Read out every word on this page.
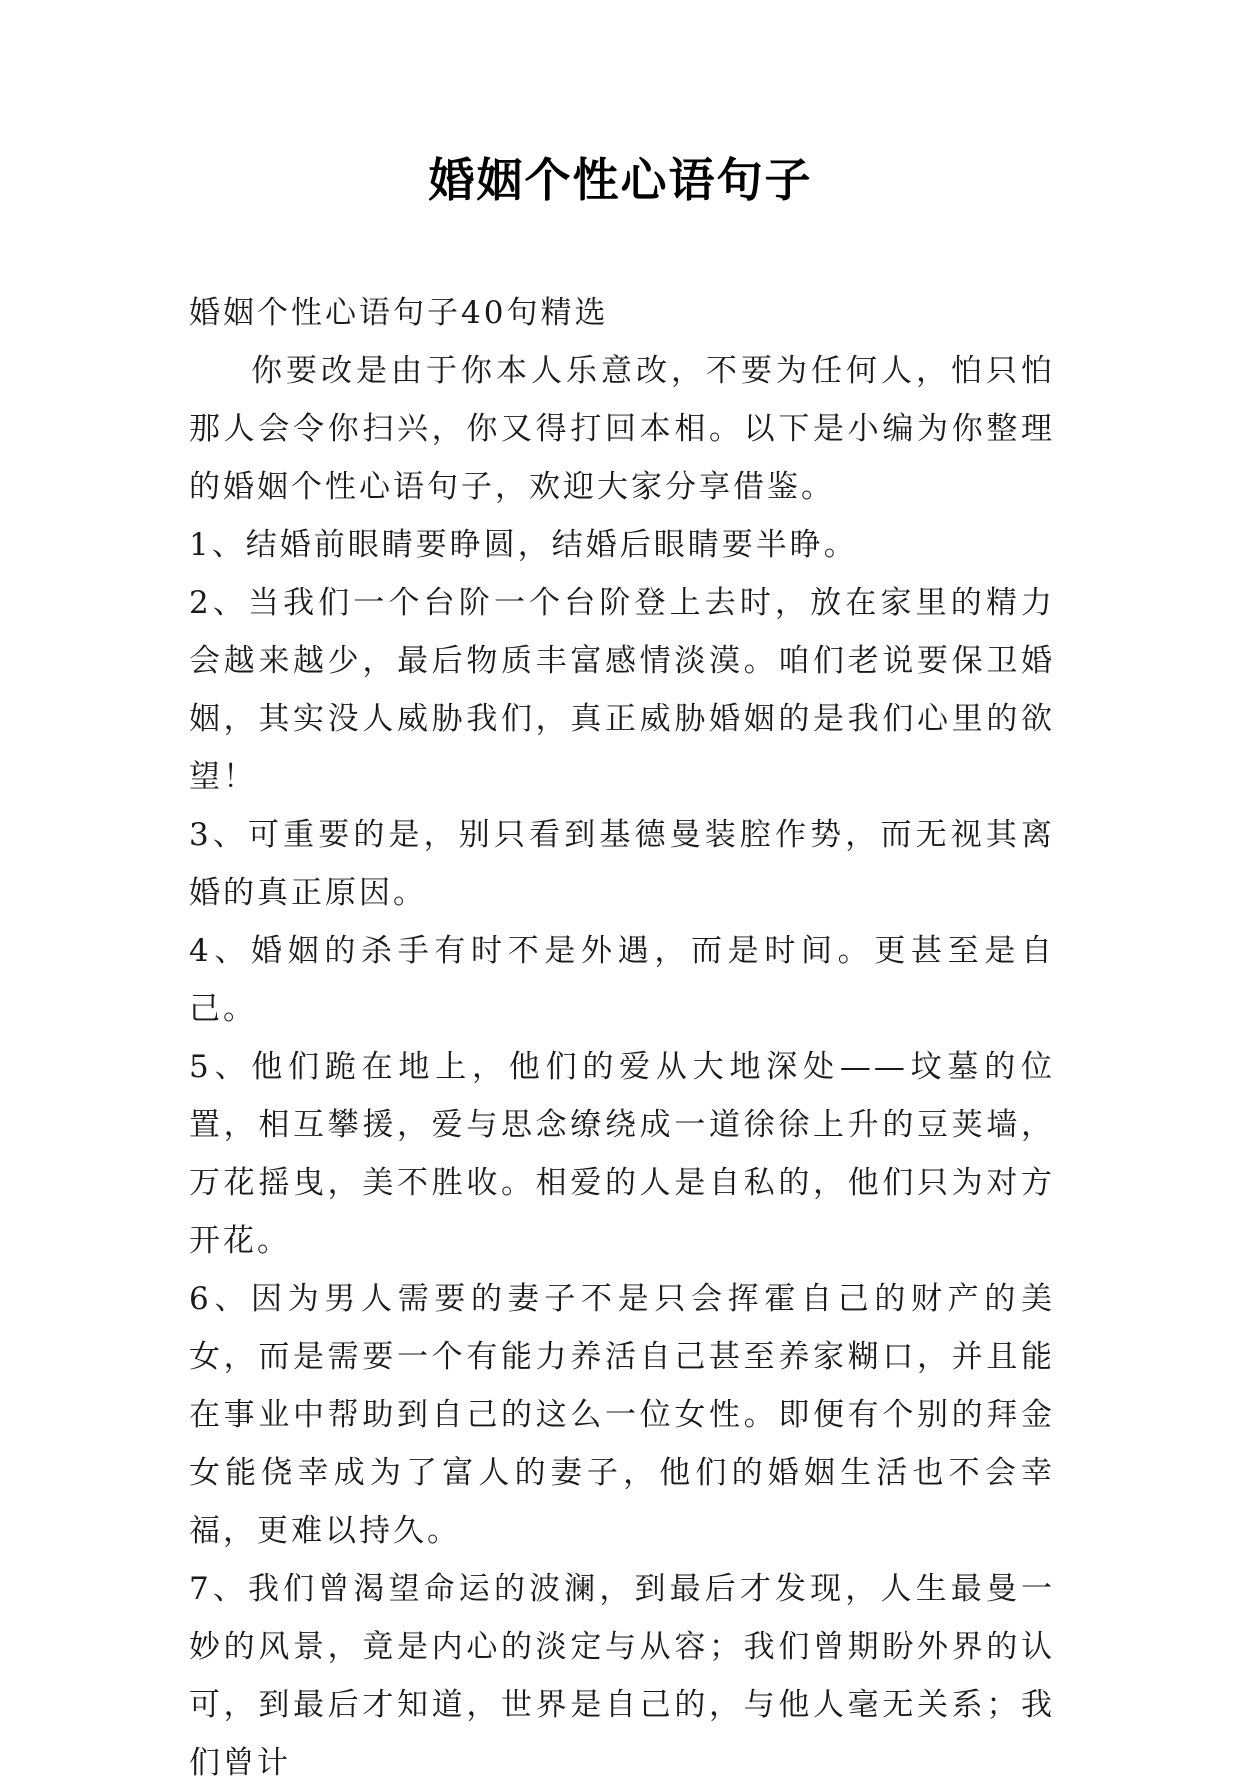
婚姻个性心语句子

婚姻个性心语句子40句精选

你要改是由于你本人乐意改，不要为任何人，怕只怕那人会令你扫兴，你又得打回本相。以下是小编为你整理的婚姻个性心语句子，欢迎大家分享借鉴。

1、结婚前眼睛要睁圆，结婚后眼睛要半睁。

2、当我们一个台阶一个台阶登上去时，放在家里的精力会越来越少，最后物质丰富感情淡漠。咱们老说要保卫婚姻，其实没人威胁我们，真正威胁婚姻的是我们心里的欲望！

3、可重要的是，别只看到基德曼装腔作势，而无视其离婚的真正原因。

4、婚姻的杀手有时不是外遇，而是时间。更甚至是自己。

5、他们跪在地上，他们的爱从大地深处——坟墓的位置，相互攀援，爱与思念缭绕成一道徐徐上升的豆荚墙，万花摇曳，美不胜收。相爱的人是自私的，他们只为对方开花。

6、因为男人需要的妻子不是只会挥霍自己的财产的美女，而是需要一个有能力养活自己甚至养家糊口，并且能在事业中帮助到自己的这么一位女性。即便有个别的拜金女能侥幸成为了富人的妻子，他们的婚姻生活也不会幸福，更难以持久。

7、我们曾渴望命运的波澜，到最后才发现，人生最曼一妙的风景，竟是内心的淡定与从容；我们曾期盼外界的认可，到最后才知道，世界是自己的，与他人毫无关系；我们曾计
